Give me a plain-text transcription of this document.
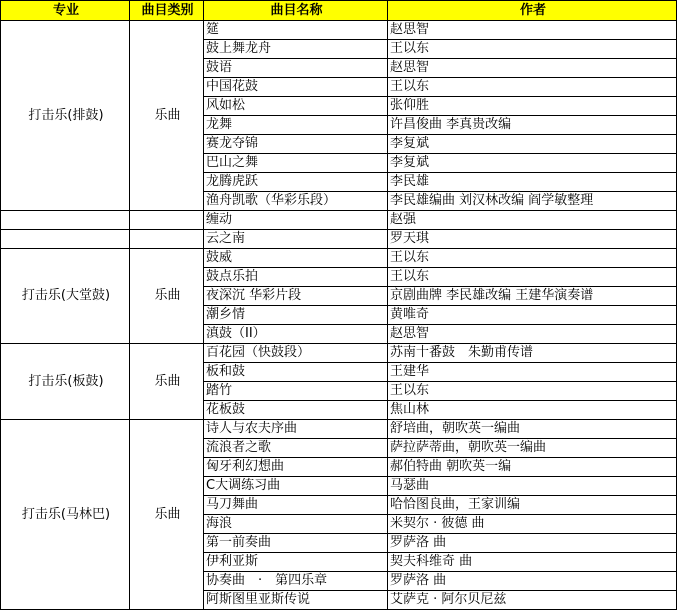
专业	曲目类别	曲目名称	作者
打击乐(排鼓)	乐曲	筵	赵思智
		鼓上舞龙舟	王以东
		鼓语	赵思智
		中国花鼓	王以东
		风如松	张仰胜
		龙舞	许昌俊曲 李真贵改编
		赛龙夺锦	李复斌
		巴山之舞	李复斌
		龙腾虎跃	李民雄
		渔舟凯歌（华彩乐段）	李民雄编曲 刘汉林改编 阎学敏整理
		缠动	赵强
		云之南	罗天琪
打击乐(大堂鼓)	乐曲	鼓威	王以东
		鼓点乐拍	王以东
		夜深沉 华彩片段	京剧曲牌 李民雄改编 王建华演奏谱
		潮乡情	黄唯奇
		滇鼓（II）	赵思智
打击乐(板鼓)	乐曲	百花园（快鼓段）	苏南十番鼓　朱勤甫传谱
		板和鼓	王建华
		踏竹	王以东
		花板鼓	焦山林
打击乐(马林巴)	乐曲	诗人与农夫序曲	舒培曲，朝吹英一编曲
		流浪者之歌	萨拉萨蒂曲，朝吹英一编曲
		匈牙利幻想曲	郝伯特曲 朝吹英一编
		C大调练习曲	马瑟曲
		马刀舞曲	哈恰图良曲，王家训编
		海浪	米契尔 · 彼德 曲
		第一前奏曲	罗萨洛 曲
		伊利亚斯	契夫科维奇 曲
		协奏曲　·　第四乐章	罗萨洛 曲
		阿斯图里亚斯传说	艾萨克 · 阿尔贝尼兹
